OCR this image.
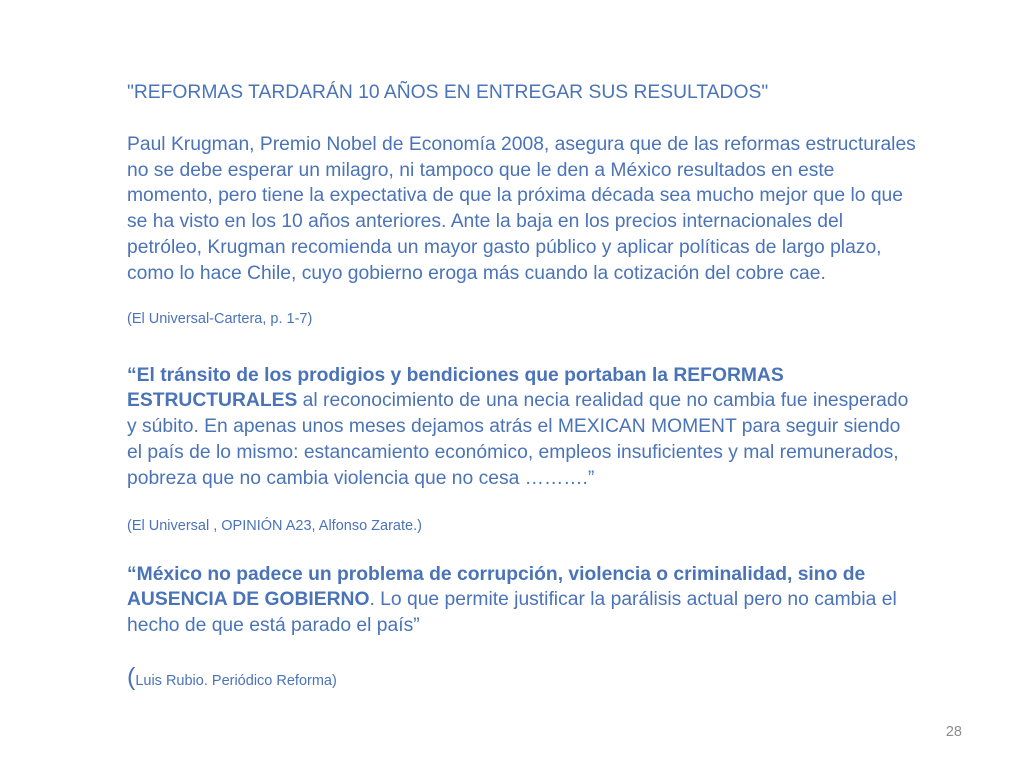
"REFORMAS TARDARÁN 10 AÑOS EN ENTREGAR SUS RESULTADOS"

Paul Krugman, Premio Nobel de Economía 2008, asegura que de las reformas estructurales no se debe esperar un milagro, ni tampoco que le den a México resultados en este momento, pero tiene la expectativa de que la próxima década sea mucho mejor que lo que se ha visto en los 10 años anteriores. Ante la baja en los precios internacionales del petróleo, Krugman recomienda un mayor gasto público y aplicar políticas de largo plazo, como lo hace Chile, cuyo gobierno eroga más cuando la cotización del cobre cae.

(El Universal-Cartera, p. 1-7)

“El tránsito de los prodigios y bendiciones que portaban la REFORMAS ESTRUCTURALES al reconocimiento de una necia realidad que no cambia fue inesperado y súbito. En apenas unos meses dejamos atrás el MEXICAN MOMENT para seguir siendo el país de lo mismo: estancamiento económico, empleos insuficientes y mal remunerados, pobreza que no cambia violencia que no cesa ……….”

(El Universal , OPINIÓN A23, Alfonso Zarate.)

“México no padece un problema de corrupción, violencia o criminalidad, sino de AUSENCIA DE GOBIERNO. Lo que permite justificar la parálisis actual pero no cambia el hecho de que está parado el país”

(Luis Rubio. Periódico Reforma)

28
